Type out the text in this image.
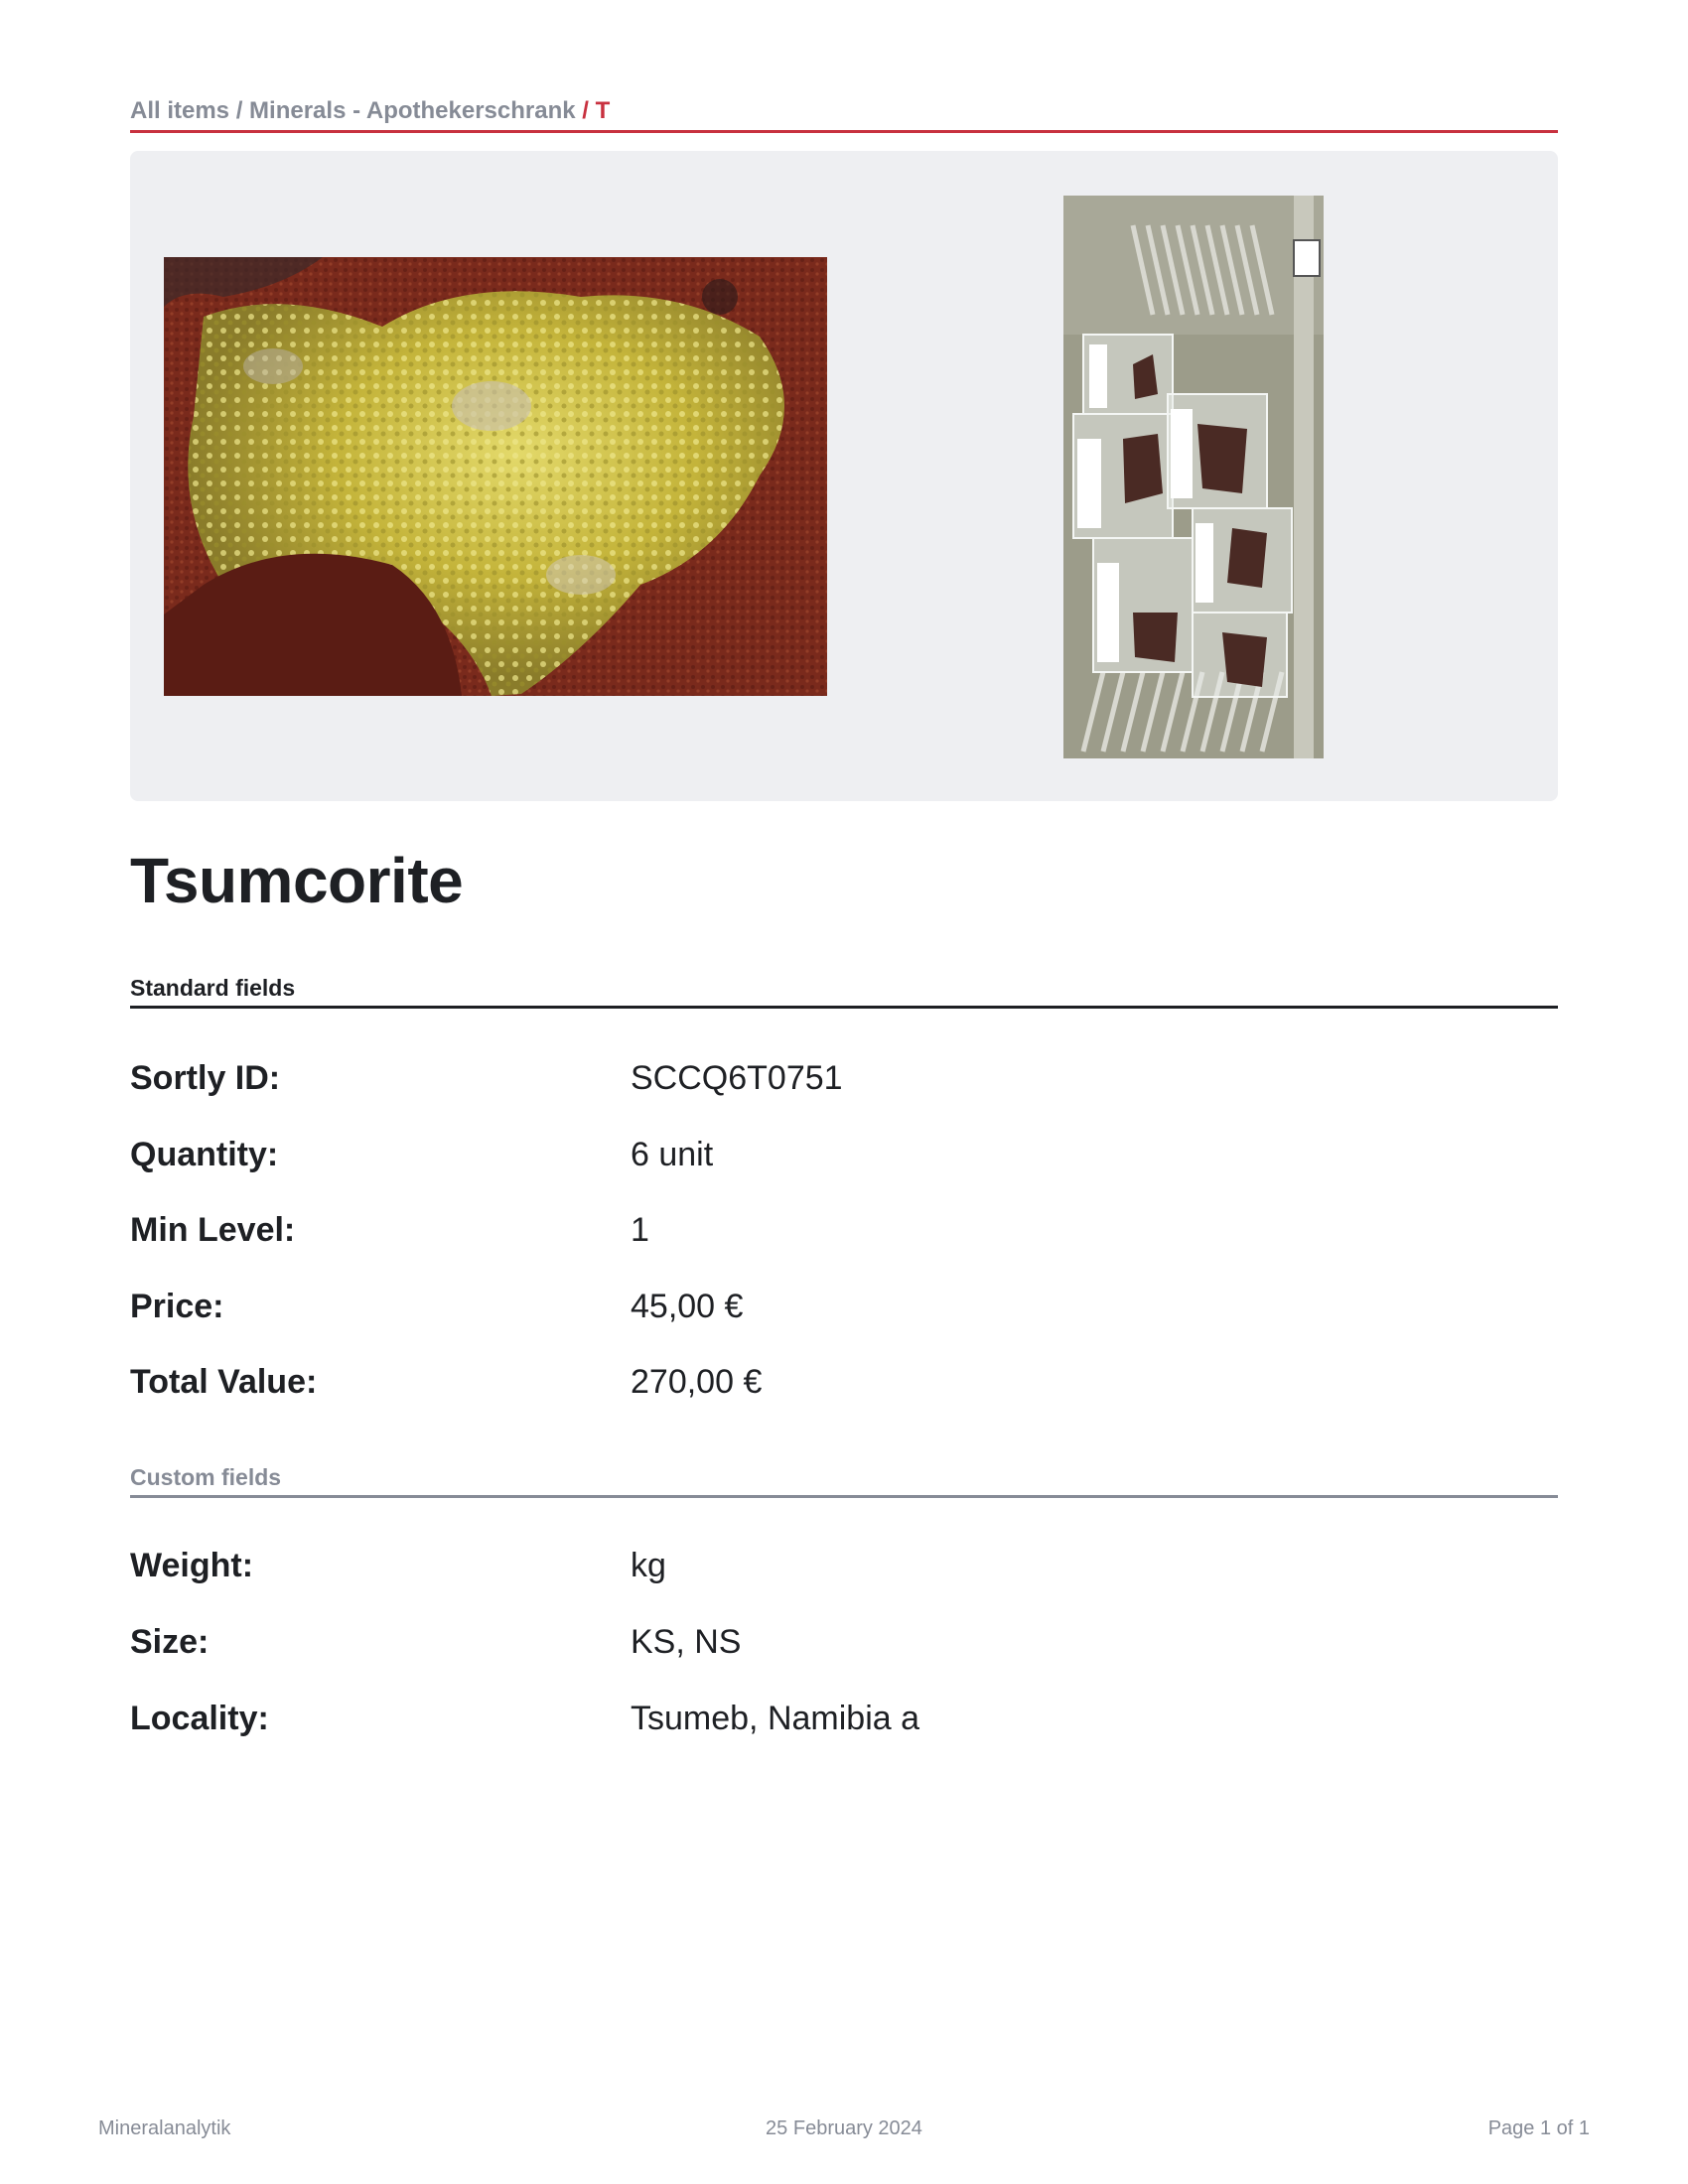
All items / Minerals - Apothekerschrank / T
Tsumcorite
Standard fields
Sortly ID:	SCCQ6T0751
Quantity:	6 unit
Min Level:	1
Price:	45,00 €
Total Value:	270,00 €
Custom fields
Weight:	kg
Size:	KS, NS
Locality:	Tsumeb, Namibia a
Mineralanalytik	25 February 2024	Page 1 of 1
